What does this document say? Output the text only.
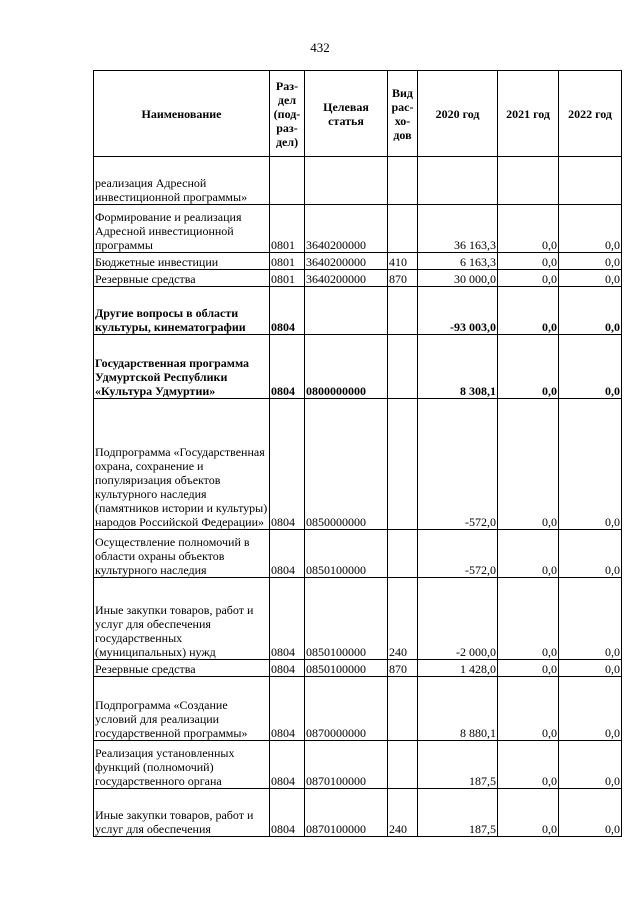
432
Наименование	Раз-дел (под-раз-дел)	Целевая статья	Вид рас-хо-дов	2020 год	2021 год	2022 год
реализация Адресной инвестиционной программы»						
Формирование и реализация Адресной инвестиционной программы	0801	3640200000		36 163,3	0,0	0,0
Бюджетные инвестиции	0801	3640200000	410	6 163,3	0,0	0,0
Резервные средства	0801	3640200000	870	30 000,0	0,0	0,0
Другие вопросы в области культуры, кинематографии	0804			-93 003,0	0,0	0,0
Государственная программа Удмуртской Республики «Культура Удмуртии»	0804	0800000000		8 308,1	0,0	0,0
Подпрограмма «Государственная охрана, сохранение и популяризация объектов культурного наследия (памятников истории и культуры) народов Российской Федерации»	0804	0850000000		-572,0	0,0	0,0
Осуществление полномочий в области охраны объектов культурного наследия	0804	0850100000		-572,0	0,0	0,0
Иные закупки товаров, работ и услуг для обеспечения государственных (муниципальных) нужд	0804	0850100000	240	-2 000,0	0,0	0,0
Резервные средства	0804	0850100000	870	1 428,0	0,0	0,0
Подпрограмма «Создание условий для реализации государственной программы»	0804	0870000000		8 880,1	0,0	0,0
Реализация установленных функций (полномочий) государственного органа	0804	0870100000		187,5	0,0	0,0
Иные закупки товаров, работ и услуг для обеспечения	0804	0870100000	240	187,5	0,0	0,0
